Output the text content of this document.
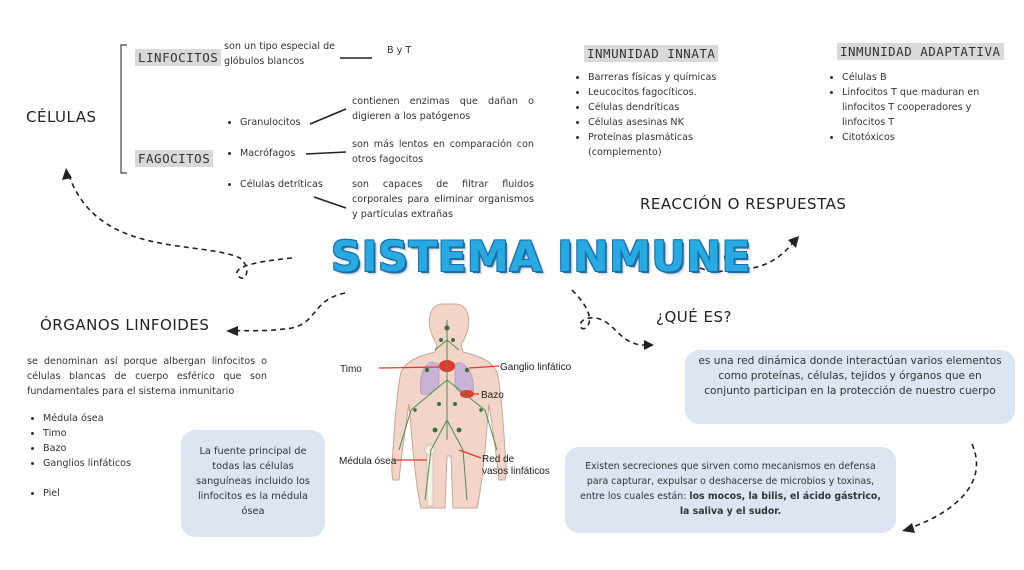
SISTEMA INMUNE
CÉLULAS
LINFOCITOS
son un tipo especial de glóbulos blancos
B y T
FAGOCITOS
• Granulocitos
• Macrófagos
• Células detríticas
contienen enzimas que dañan o digieren a los patógenos
son más lentos en comparación con otros fagocitos
son capaces de filtrar fluidos corporales para eliminar organismos y partículas extrañas
INMUNIDAD INNATA
• Barreras físicas y químicas
• Leucocitos fagocíticos.
• Células dendríticas
• Células asesinas NK
• Proteínas plasmáticas (complemento)
INMUNIDAD ADAPTATIVA
• Células B
• Linfocitos T que maduran en linfocitos T cooperadores y linfocitos T
• Citotóxicos
REACCIÓN O RESPUESTAS
¿QUÉ ES?
es una red dinámica donde interactúan varios elementos como proteínas, células, tejidos y órganos que en conjunto participan en la protección de nuestro cuerpo
Existen secreciones que sirven como mecanismos en defensa para capturar, expulsar o deshacerse de microbios y toxinas, entre los cuales están: los mocos, la bilis, el ácido gástrico, la saliva y el sudor.
ÓRGANOS LINFOIDES
se denominan así porque albergan linfocitos o células blancas de cuerpo esférico que son fundamentales para el sistema inmunitario
• Médula ósea
• Timo
• Bazo
• Ganglios linfáticos
• Piel
La fuente principal de todas las células sanguíneas incluido los linfocitos es la médula ósea
Timo	Ganglio linfático
Bazo
Médula ósea	Red de
vasos linfáticos
